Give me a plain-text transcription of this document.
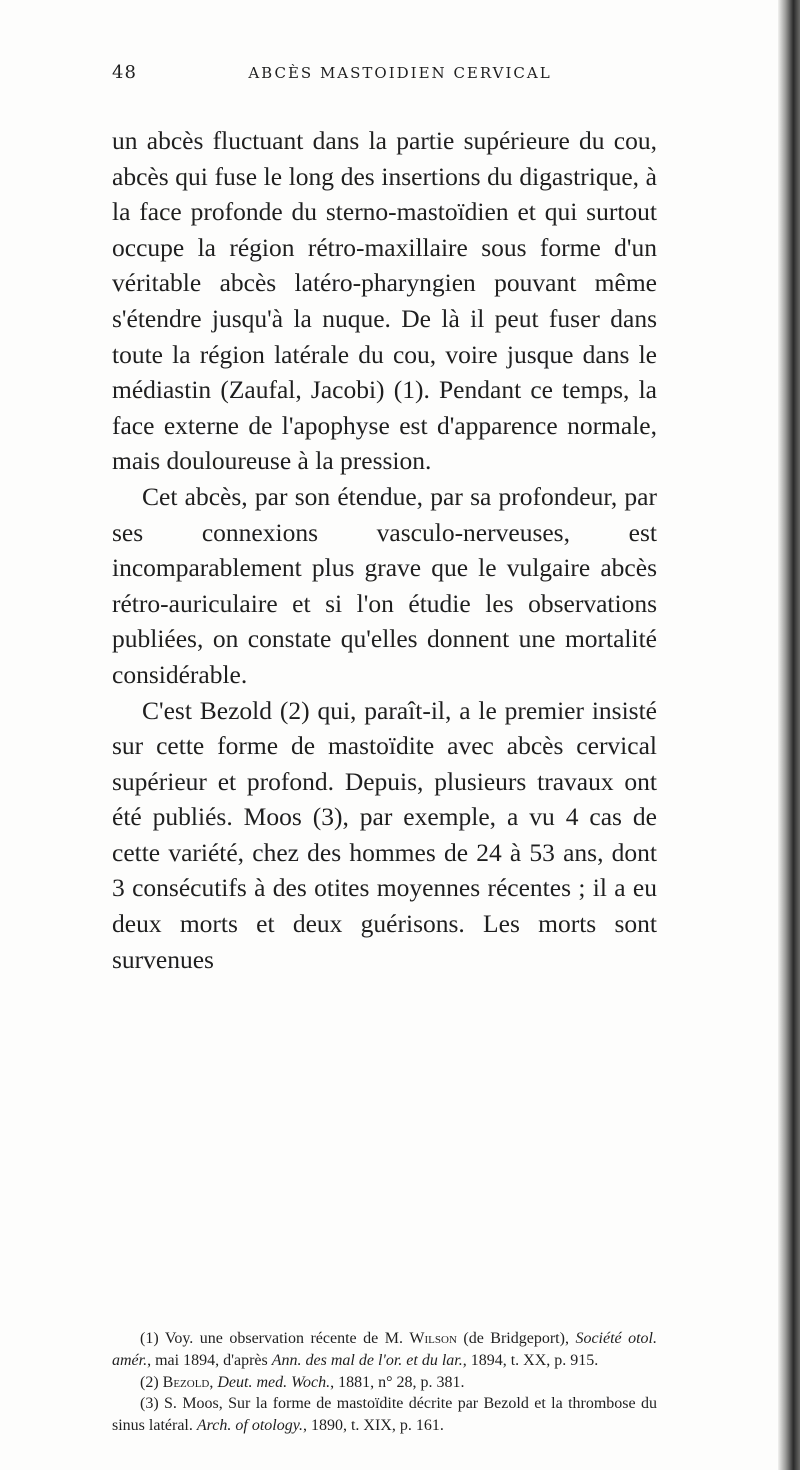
48	ABCÈS MASTOIDIEN CERVICAL

un abcès fluctuant dans la partie supérieure du cou, abcès qui fuse le long des insertions du digastrique, à la face profonde du sterno-mastoïdien et qui surtout occupe la région rétro-maxillaire sous forme d'un véritable abcès latéro-pharyngien pouvant même s'étendre jusqu'à la nuque. De là il peut fuser dans toute la région latérale du cou, voire jusque dans le médiastin (Zaufal, Jacobi) (1). Pendant ce temps, la face externe de l'apophyse est d'apparence normale, mais douloureuse à la pression.

Cet abcès, par son étendue, par sa profondeur, par ses connexions vasculo-nerveuses, est incomparablement plus grave que le vulgaire abcès rétro-auriculaire et si l'on étudie les observations publiées, on constate qu'elles donnent une mortalité considérable.

C'est Bezold (2) qui, paraît-il, a le premier insisté sur cette forme de mastoïdite avec abcès cervical supérieur et profond. Depuis, plusieurs travaux ont été publiés. Moos (3), par exemple, a vu 4 cas de cette variété, chez des hommes de 24 à 53 ans, dont 3 consécutifs à des otites moyennes récentes ; il a eu deux morts et deux guérisons. Les morts sont survenues

(1) Voy. une observation récente de M. Wilson (de Bridgeport), Société otol. amér., mai 1894, d'après Ann. des mal de l'or. et du lar., 1894, t. XX, p. 915.

(2) Bezold, Deut. med. Woch., 1881, n° 28, p. 381.

(3) S. Moos, Sur la forme de mastoïdite décrite par Bezold et la thrombose du sinus latéral. Arch. of otology., 1890, t. XIX, p. 161.
